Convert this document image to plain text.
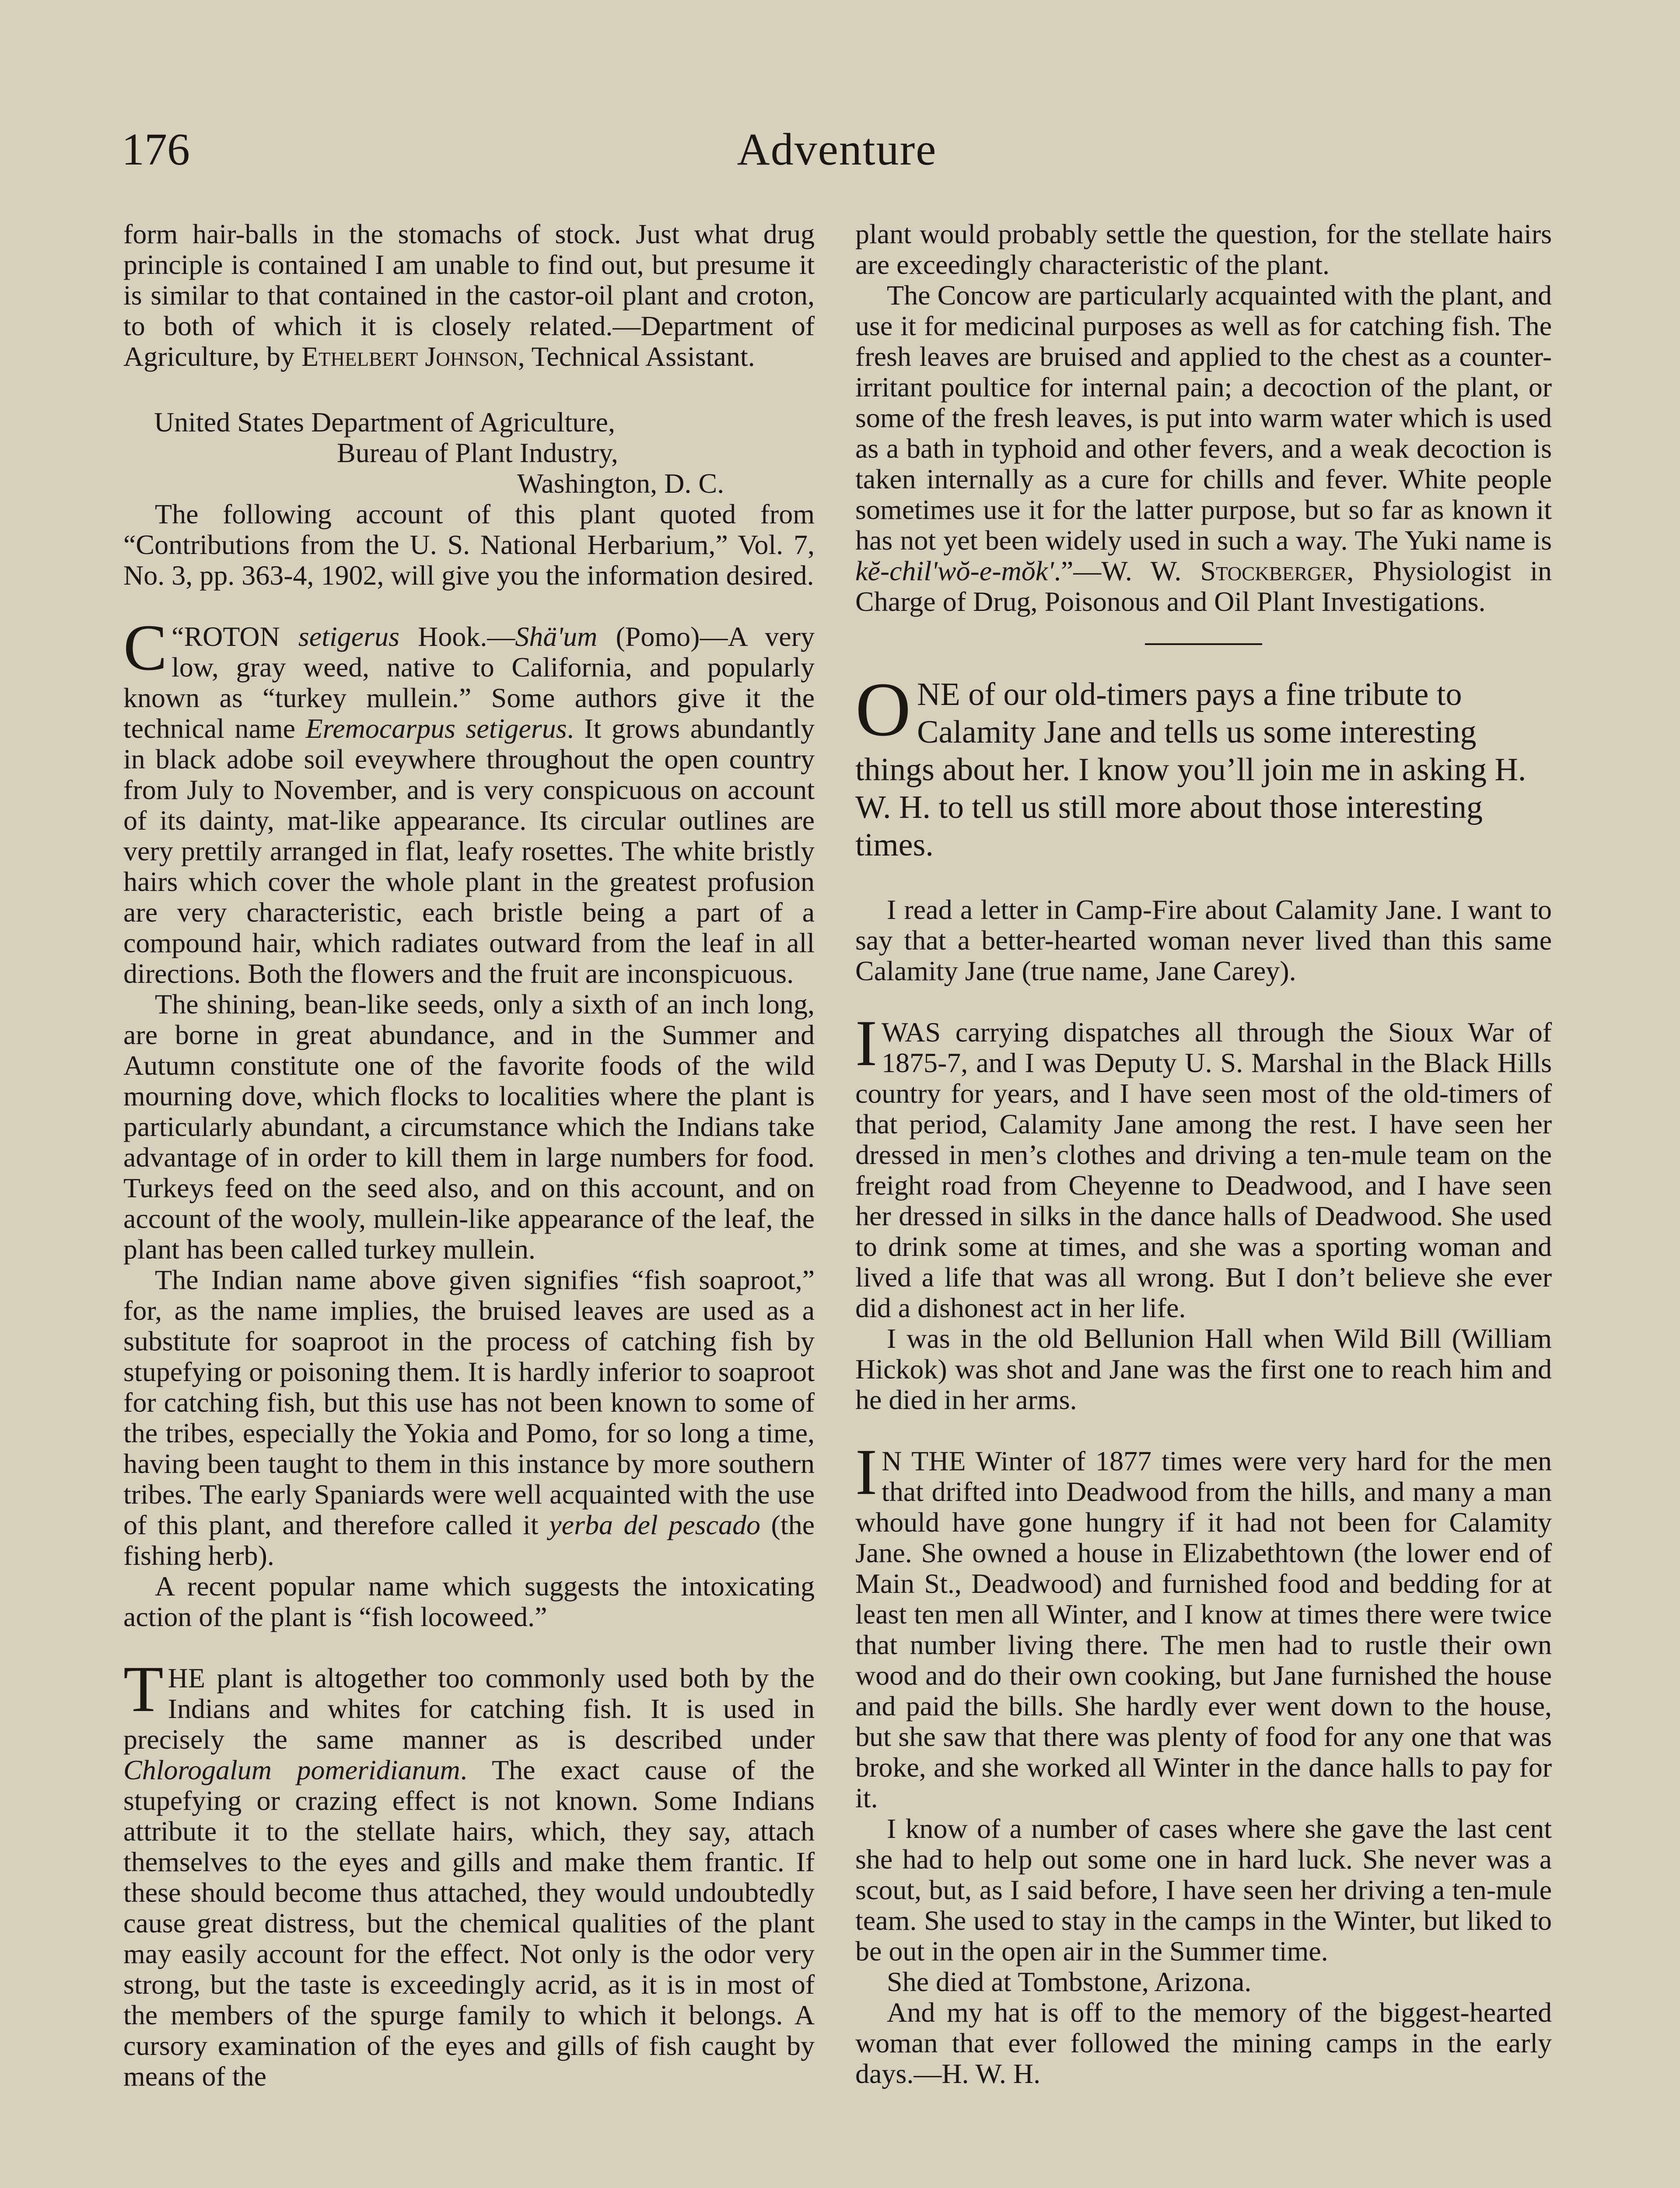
176	Adventure

form hair-balls in the stomachs of stock. Just what drug principle is contained I am unable to find out, but presume it is similar to that contained in the castor-oil plant and croton, to both of which it is closely related.—Department of Agriculture, by Ethelbert Johnson, Technical Assistant.

United States Department of Agriculture,
Bureau of Plant Industry,
Washington, D. C.

The following account of this plant quoted from “Contributions from the U. S. National Herbarium,” Vol. 7, No. 3, pp. 363-4, 1902, will give you the information desired.

“
C ROTON setigerus Hook.—Shä'um (Pomo)—A very low, gray weed, native to California, and popularly known as “turkey mullein.” Some authors give it the technical name Eremocarpus setigerus. It grows abundantly in black adobe soil eveywhere throughout the open country from July to November, and is very conspicuous on account of its dainty, mat-like appearance. Its circular outlines are very prettily arranged in flat, leafy rosettes. The white bristly hairs which cover the whole plant in the greatest profusion are very characteristic, each bristle being a part of a compound hair, which radiates outward from the leaf in all directions. Both the flowers and the fruit are inconspicuous.

The shining, bean-like seeds, only a sixth of an inch long, are borne in great abundance, and in the Summer and Autumn constitute one of the favorite foods of the wild mourning dove, which flocks to localities where the plant is particularly abundant, a circumstance which the Indians take advantage of in order to kill them in large numbers for food. Turkeys feed on the seed also, and on this account, and on account of the wooly, mullein-like appearance of the leaf, the plant has been called turkey mullein.

The Indian name above given signifies “fish soaproot,” for, as the name implies, the bruised leaves are used as a substitute for soaproot in the process of catching fish by stupefying or poisoning them. It is hardly inferior to soaproot for catching fish, but this use has not been known to some of the tribes, especially the Yokia and Pomo, for so long a time, having been taught to them in this instance by more southern tribes. The early Spaniards were well acquainted with the use of this plant, and therefore called it yerba del pescado (the fishing herb).

A recent popular name which suggests the intoxicating action of the plant is “fish locoweed.”

THE plant is altogether too commonly used both by the Indians and whites for catching fish. It is used in precisely the same manner as is described under Chlorogalum pomeridianum. The exact cause of the stupefying or crazing effect is not known. Some Indians attribute it to the stellate hairs, which, they say, attach themselves to the eyes and gills and make them frantic. If these should become thus attached, they would undoubtedly cause great distress, but the chemical qualities of the plant may easily account for the effect. Not only is the odor very strong, but the taste is exceedingly acrid, as it is in most of the members of the spurge family to which it belongs. A cursory examination of the eyes and gills of fish caught by means of the

plant would probably settle the question, for the stellate hairs are exceedingly characteristic of the plant.

The Concow are particularly acquainted with the plant, and use it for medicinal purposes as well as for catching fish. The fresh leaves are bruised and applied to the chest as a counter-irritant poultice for internal pain; a decoction of the plant, or some of the fresh leaves, is put into warm water which is used as a bath in typhoid and other fevers, and a weak decoction is taken internally as a cure for chills and fever. White people sometimes use it for the latter purpose, but so far as known it has not yet been widely used in such a way. The Yuki name is kĕ-chil'wŏ-e-mŏk'.”—W. W. Stockberger, Physiologist in Charge of Drug, Poisonous and Oil Plant Investigations.

ONE of our old-timers pays a fine tribute to Calamity Jane and tells us some interesting things about her. I know you’ll join me in asking H. W. H. to tell us still more about those interesting times.

I read a letter in Camp-Fire about Calamity Jane. I want to say that a better-hearted woman never lived than this same Calamity Jane (true name, Jane Carey).

I WAS carrying dispatches all through the Sioux War of 1875-7, and I was Deputy U. S. Marshal in the Black Hills country for years, and I have seen most of the old-timers of that period, Calamity Jane among the rest. I have seen her dressed in men’s clothes and driving a ten-mule team on the freight road from Cheyenne to Deadwood, and I have seen her dressed in silks in the dance halls of Deadwood. She used to drink some at times, and she was a sporting woman and lived a life that was all wrong. But I don’t believe she ever did a dishonest act in her life.

I was in the old Bellunion Hall when Wild Bill (William Hickok) was shot and Jane was the first one to reach him and he died in her arms.

I N THE Winter of 1877 times were very hard for the men that drifted into Deadwood from the hills, and many a man whould have gone hungry if it had not been for Calamity Jane. She owned a house in Elizabethtown (the lower end of Main St., Deadwood) and furnished food and bedding for at least ten men all Winter, and I know at times there were twice that number living there. The men had to rustle their own wood and do their own cooking, but Jane furnished the house and paid the bills. She hardly ever went down to the house, but she saw that there was plenty of food for any one that was broke, and she worked all Winter in the dance halls to pay for it.

I know of a number of cases where she gave the last cent she had to help out some one in hard luck. She never was a scout, but, as I said before, I have seen her driving a ten-mule team. She used to stay in the camps in the Winter, but liked to be out in the open air in the Summer time.

She died at Tombstone, Arizona.

And my hat is off to the memory of the biggest-hearted woman that ever followed the mining camps in the early days.—H. W. H.
